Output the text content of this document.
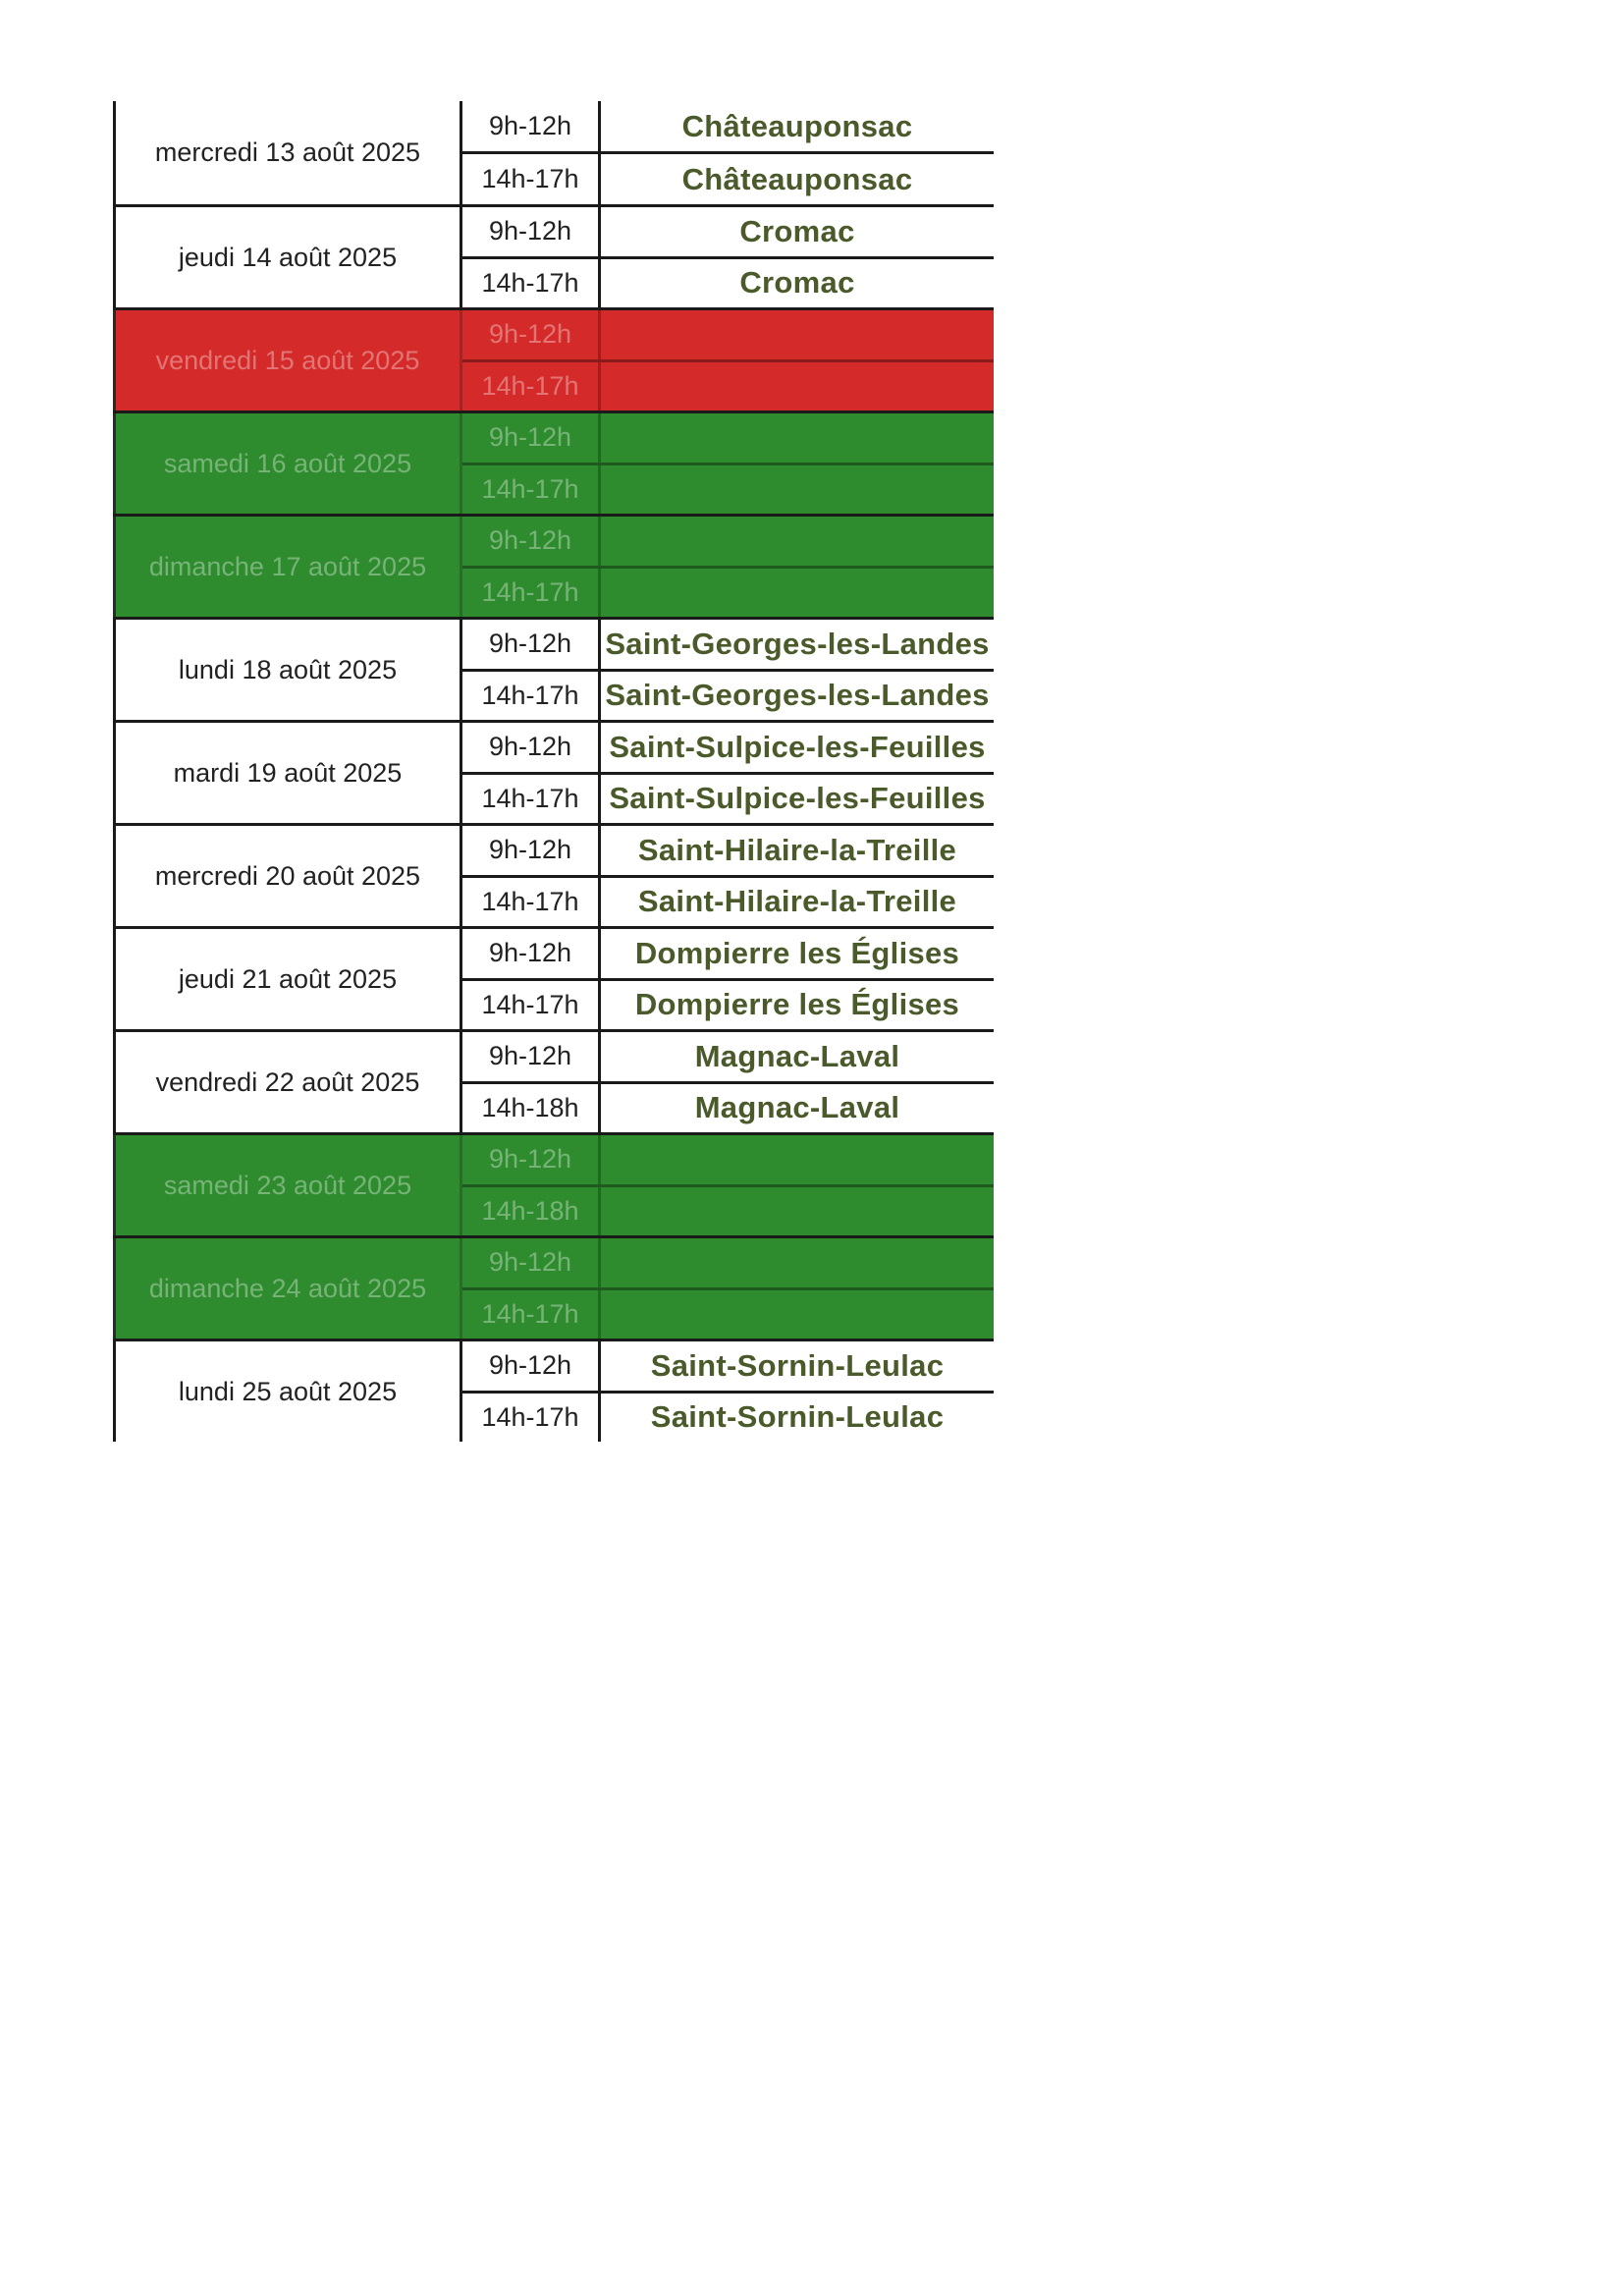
mercredi 13 août 2025
9h-12h	Châteauponsac
14h-17h	Châteauponsac
jeudi 14 août 2025
9h-12h	Cromac
14h-17h	Cromac
vendredi 15 août 2025
9h-12h
14h-17h
samedi 16 août 2025
9h-12h
14h-17h
dimanche 17 août 2025
9h-12h
14h-17h
lundi 18 août 2025
9h-12h	Saint-Georges-les-Landes
14h-17h Saint-Georges-les-Landes
mardi 19 août 2025
9h-12h	Saint-Sulpice-les-Feuilles
14h-17h Saint-Sulpice-les-Feuilles
mercredi 20 août 2025
9h-12h	Saint-Hilaire-la-Treille
14h-17h	Saint-Hilaire-la-Treille
jeudi 21 août 2025
9h-12h	Dompierre les Églises
14h-17h	Dompierre les Églises
vendredi 22 août 2025
9h-12h	Magnac-Laval
14h-18h	Magnac-Laval
samedi 23 août 2025
9h-12h
14h-18h
dimanche 24 août 2025
9h-12h
14h-17h
lundi 25 août 2025
9h-12h	Saint-Sornin-Leulac
14h-17h	Saint-Sornin-Leulac
